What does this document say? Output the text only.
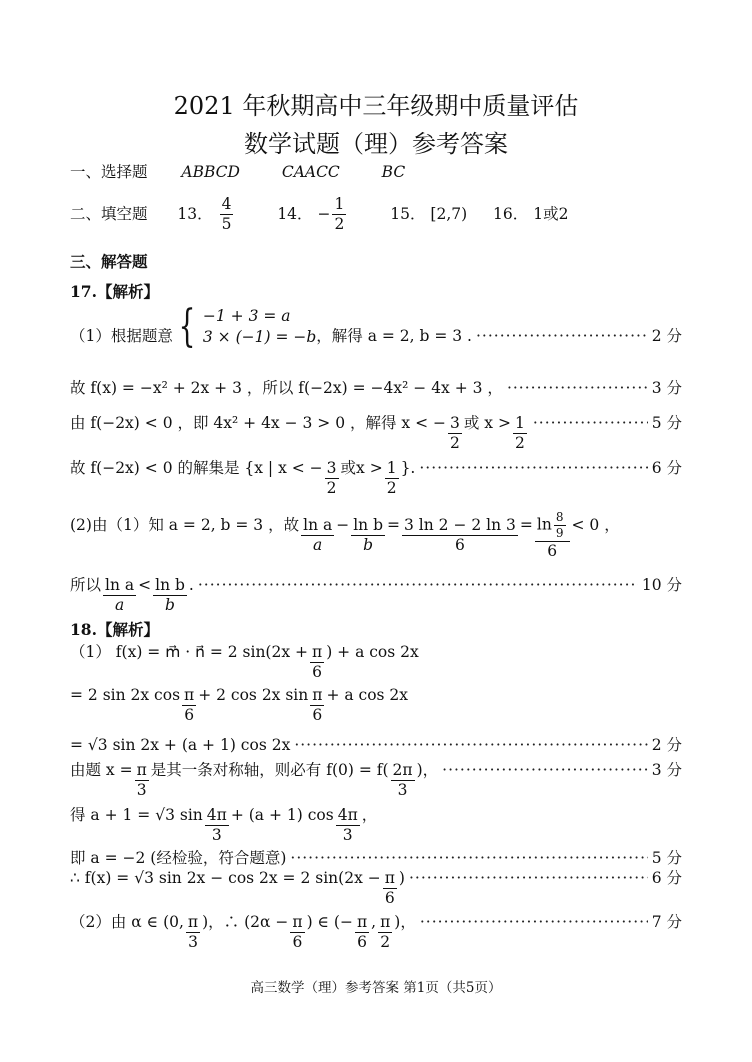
2021 年秋期高中三年级期中质量评估
数学试题（理）参考答案
一、选择题 ABBCD	CAACC	BC
二、填空题 13． $\frac{4}{5}$	14． − $\frac{1}{2}$	15． [2,7) 16． 1或2
三、解答题
17.【解析】
（1）根据题意 { −1 + 3 = a
3 × (−1) = −b ，解得 a = 2, b = 3 . ·····	2 分
故 f(x) = −x² + 2x + 3 ，所以 f(−2x) = −4x² − 4x + 3 ， ·····	3 分
由 f(−2x) < 0 ，即 4x² + 4x − 3 > 0 ，解得 x < − $\frac{3}{2}$ 或 $x > \frac{1}{2}$ ·····	5 分
故 f(−2x) < 0 的解集是 {x | x < − $\frac{3}{2}$ 或$x > \frac{1}{2}$ }. ·····	6 分
(2)由（1）知 a = 2, b = 3 ，故 $\frac{\text{ln a}}{a} - \frac{\text{ln b}}{b} = \frac{3 \ln 2 - 2 \ln 3}{6} = \frac{\ln \frac{8}{9}}{6} < 0$ ，
所以 $\frac{\text{ln a}}{a} < \frac{\text{ln b}}{b}$ . ·····	10 分
18.【解析】
（1） f(x) = m⃗ · n⃗ = 2 $\sin(2x + \frac{\pi}{6}$ ) + a cos 2x
= 2 sin 2x $\cos \frac{\pi}{6} + 2$ cos 2x $\sin \frac{\pi}{6} + a$ cos 2x
= √3 sin 2x + (a + 1) cos 2x ·····	2 分
由题 $x = \frac{\pi}{3}$ 是其一条对称轴，则必有 $f(0) = f( \frac{2\pi}{3}$ )， ·····	3 分
得 a + 1 = √3 $\sin \frac{4\pi}{3} + (a + 1)$ $\cos \frac{4\pi}{3}$ ，
即 a = −2 (经检验，符合题意) ·····	5 分
∴ f(x) = √3 sin 2x − cos 2x = 2 $\sin(2x - \frac{\pi}{6}$ ) ·····	6 分
（2）由 α ∈ (0, $\frac{\pi}{3}$ )，∴ ($2\alpha - \frac{\pi}{6}$ ) ∈ (− $\frac{\pi}{6}$ , $\frac{\pi}{2}$ )， ·····	7 分
高三数学（理）参考答案 第1页（共5页）
